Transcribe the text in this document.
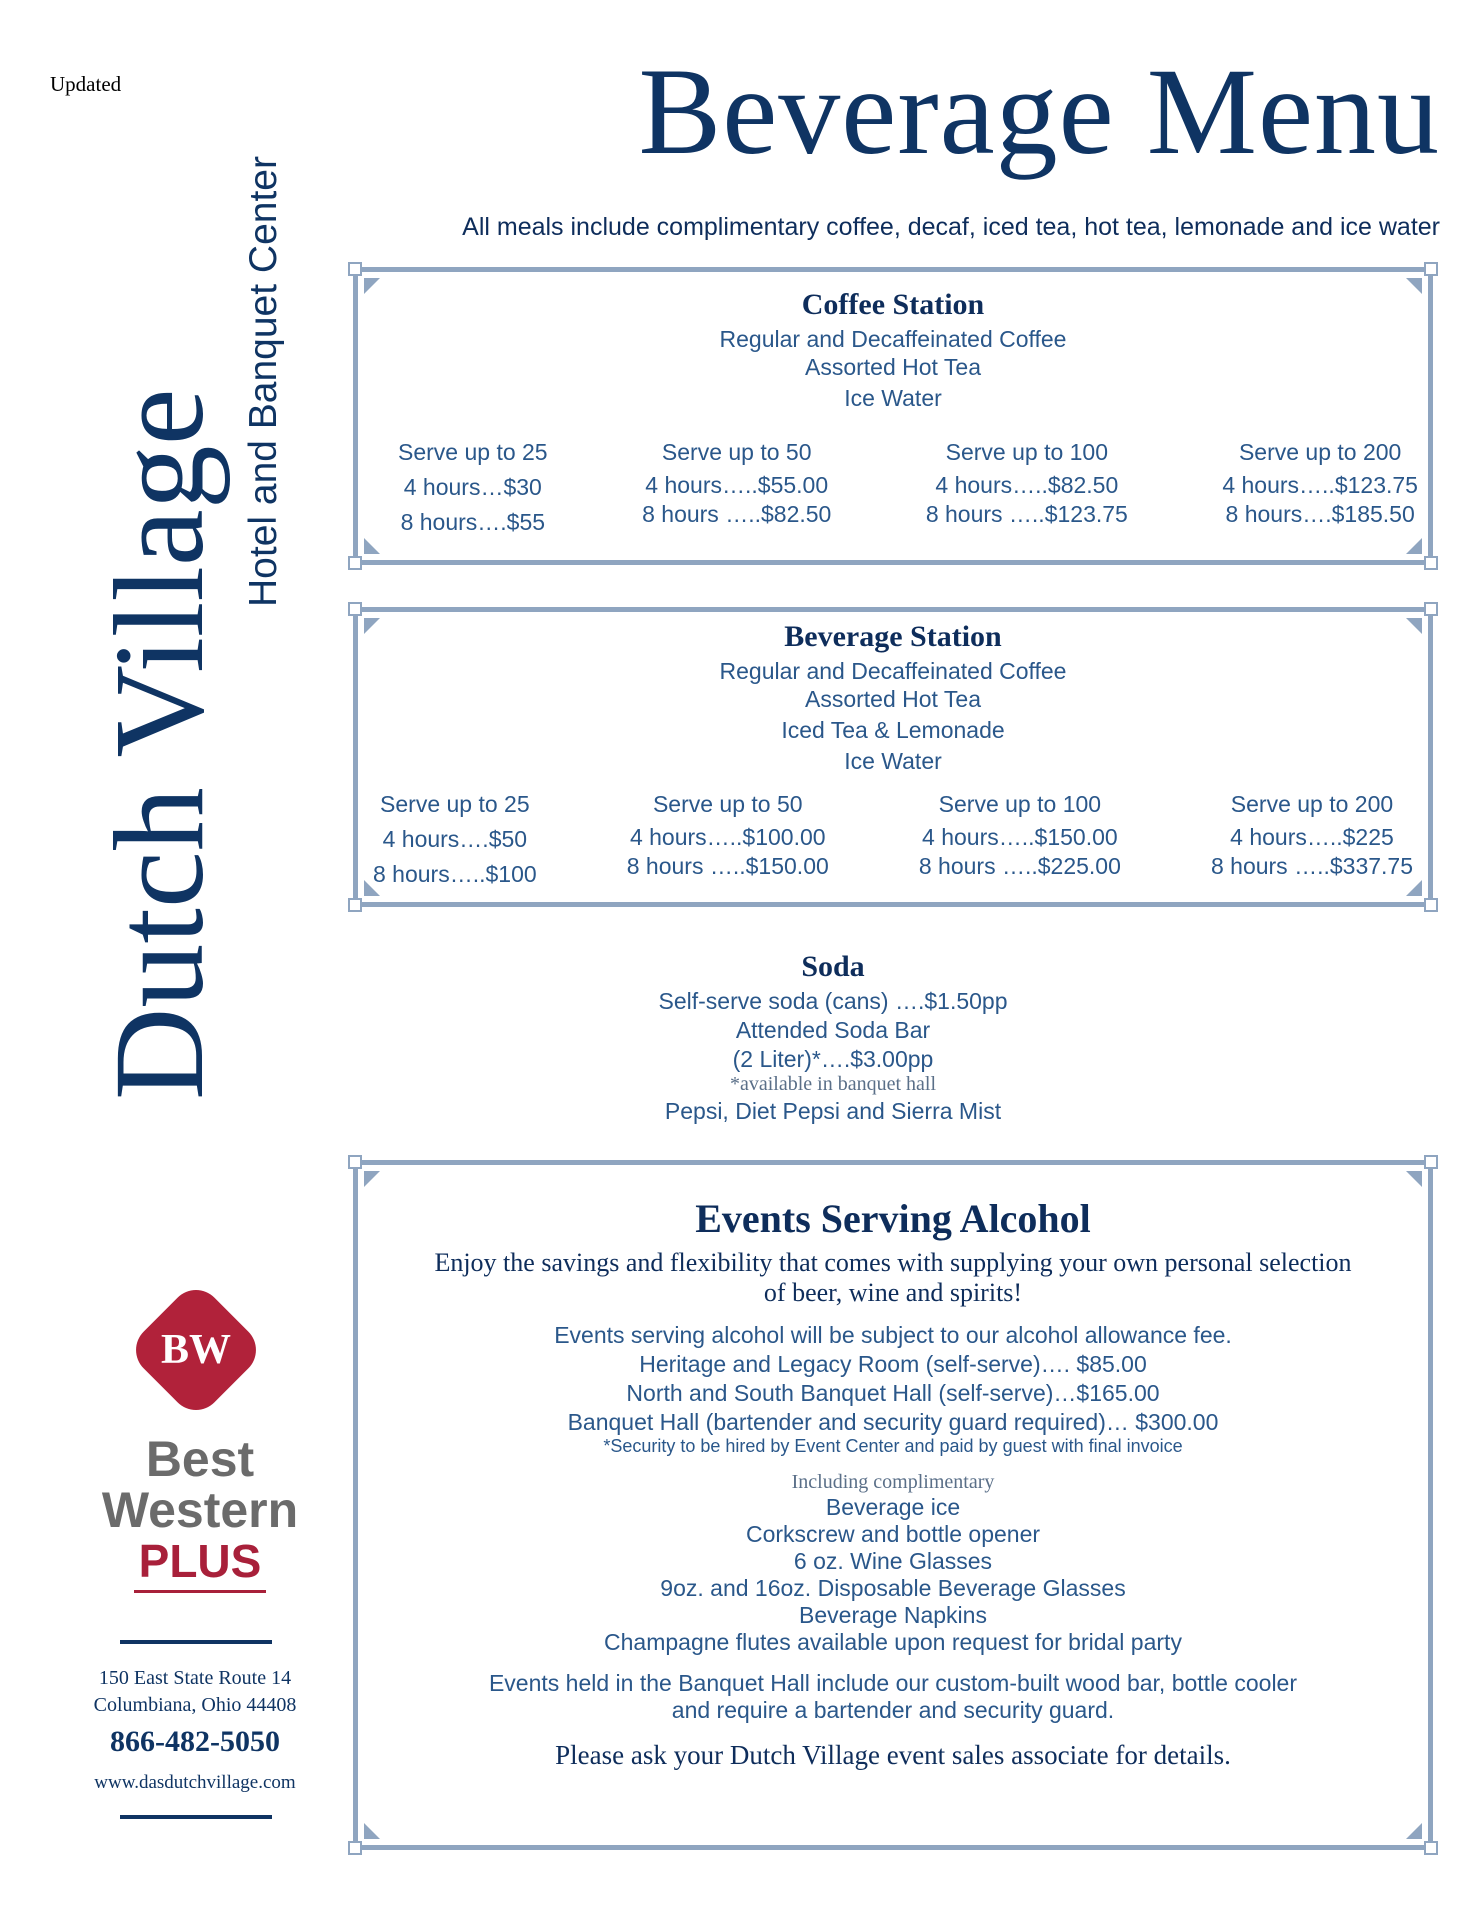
Updated	Beverage Menu
All meals include complimentary coffee, decaf, iced tea, hot tea, lemonade and ice water
Dutch Village
Hotel and Banquet Center	Coffee Station
Regular and Decaffeinated Coffee
Assorted Hot Tea
Ice Water
Serve up to 25
4 hours…$30
8 hours….$55
Serve up to 50
4 hours…..$55.00
8 hours …..$82.50
Serve up to 100
4 hours…..$82.50
8 hours …..$123.75
Serve up to 200
4 hours…..$123.75
8 hours….$185.50
Beverage Station
Regular and Decaffeinated Coffee
Assorted Hot Tea
Iced Tea & Lemonade
Ice Water
Serve up to 25
4 hours….$50
8 hours…..$100
Serve up to 50
4 hours…..$100.00
8 hours …..$150.00
Serve up to 100
4 hours…..$150.00
8 hours …..$225.00
Serve up to 200
4 hours…..$225
8 hours …..$337.75
Soda
Self-serve soda (cans) ….$1.50pp
Attended Soda Bar
(2 Liter)*….$3.00pp
*available in banquet hall
Pepsi, Diet Pepsi and Sierra Mist
Events Serving Alcohol
Enjoy the savings and flexibility that comes with supplying your own personal selection
of beer, wine and spirits!
Events serving alcohol will be subject to our alcohol allowance fee.
Heritage and Legacy Room (self-serve)…. $85.00
North and South Banquet Hall (self-serve)…$165.00
Banquet Hall (bartender and security guard required)… $300.00
*Security to be hired by Event Center and paid by guest with final invoice
Including complimentary
Beverage ice
Corkscrew and bottle opener
6 oz. Wine Glasses
9oz. and 16oz. Disposable Beverage Glasses
Beverage Napkins
Champagne flutes available upon request for bridal party
Events held in the Banquet Hall include our custom-built wood bar, bottle cooler
and require a bartender and security guard.
Please ask your Dutch Village event sales associate for details.
BW
Best
Western
PLUS
150 East State Route 14
Columbiana, Ohio 44408
866-482-5050
www.dasdutchvillage.com
